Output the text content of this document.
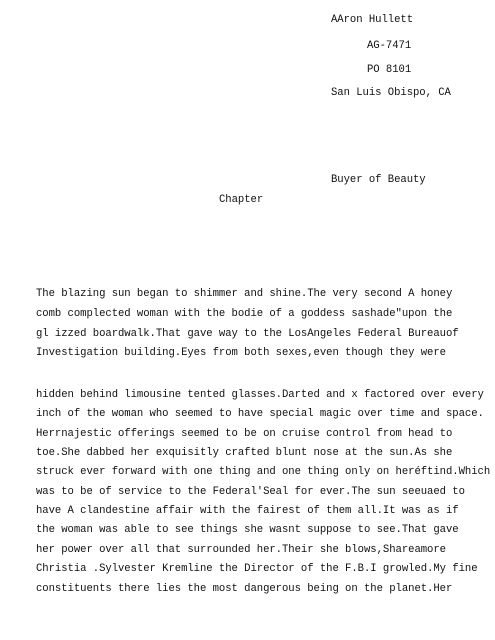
AAron Hullett
AG-7471
PO 8101
San Luis Obispo, CA
Buyer of Beauty
Chapter
The blazing sun began to shimmer and shine.The very second A honey
comb complected woman with the bodie of a goddess sashade"upon the
gl izzed boardwalk.That gave way to the LosAngeles Federal Bureauof
Investigation building.Eyes from both sexes,even though they were
hidden behind limousine tented glasses.Darted and x factored over every
inch of the woman who seemed to have special magic over time and space.
Herrnajestic offerings seemed to be on cruise control from head to
toe.She dabbed her exquisitly crafted blunt nose at the sun.As she
struck ever forward with one thing and one thing only on heréftind.Which
was to be of service to the Federal'Seal for ever.The sun seeuaed to
have A clandestine affair with the fairest of them all.It was as if
the woman was able to see things she wasnt suppose to see.That gave
her power over all that surrounded her.Their she blows,Shareamore
Christia .Sylvester Kremline the Director of the F.B.I growled.My fine
constituents there lies the most dangerous being on the planet.Her
